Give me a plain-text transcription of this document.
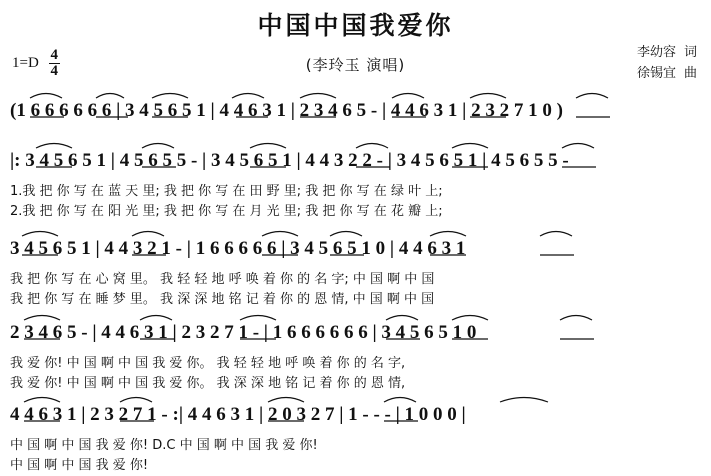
中国中国我爱你
(李玲玉 演唱)
$1=D \frac{4}{4}$	李幼容 词
徐锡宜 曲
(1 6 6 6 6 6 6 | 3 4 5 6 5 1 | 4 4 6 3 1 | 2 3 4 6 5 - | 4 4 6 3 1 | 2 3 2 7 1 0 )
|: 3 4 5 6 5 1 | 4 5 6 5 5 - | 3 4 5 6 5 1 | 4 4 3 2 2 - | 3 4 5 6 5 1 | 4 5 6 5 5 -
1.我 把 你 写 在 蓝 天 里; 我 把 你 写 在 田 野 里; 我 把 你 写 在 绿 叶 上;
2.我 把 你 写 在 阳 光 里; 我 把 你 写 在 月 光 里; 我 把 你 写 在 花 瓣 上;
3 4 5 6 5 1 | 4 4 3 2 1 - | 1 6 6 6 6 6 | 3 4 5 6 5 1 0 | 4 4 6 3 1
我 把 你 写 在 心 窝 里。 我 轻 轻 地 呼 唤 着 你 的 名 字; 中 国 啊 中 国
我 把 你 写 在 睡 梦 里。 我 深 深 地 铭 记 着 你 的 恩 情, 中 国 啊 中 国
2 3 4 6 5 - | 4 4 6 3 1 | 2 3 2 7 1 - | 1 6 6 6 6 6 6 | 3 4 5 6 5 1 0
我 爱 你! 中 国 啊 中 国 我 爱 你。 我 轻 轻 地 呼 唤 着 你 的 名 字,
我 爱 你! 中 国 啊 中 国 我 爱 你。 我 深 深 地 铭 记 着 你 的 恩 情,
4 4 6 3 1 | 2 3 2 7 1 - :| 4 4 6 3 1 | 2 0 3 2 7 | 1 - - - | 1 0 0 0 |
中 国 啊 中 国 我 爱 你! D.C 中 国 啊 中 国 我 爱 你!
中 国 啊 中 国 我 爱 你!
